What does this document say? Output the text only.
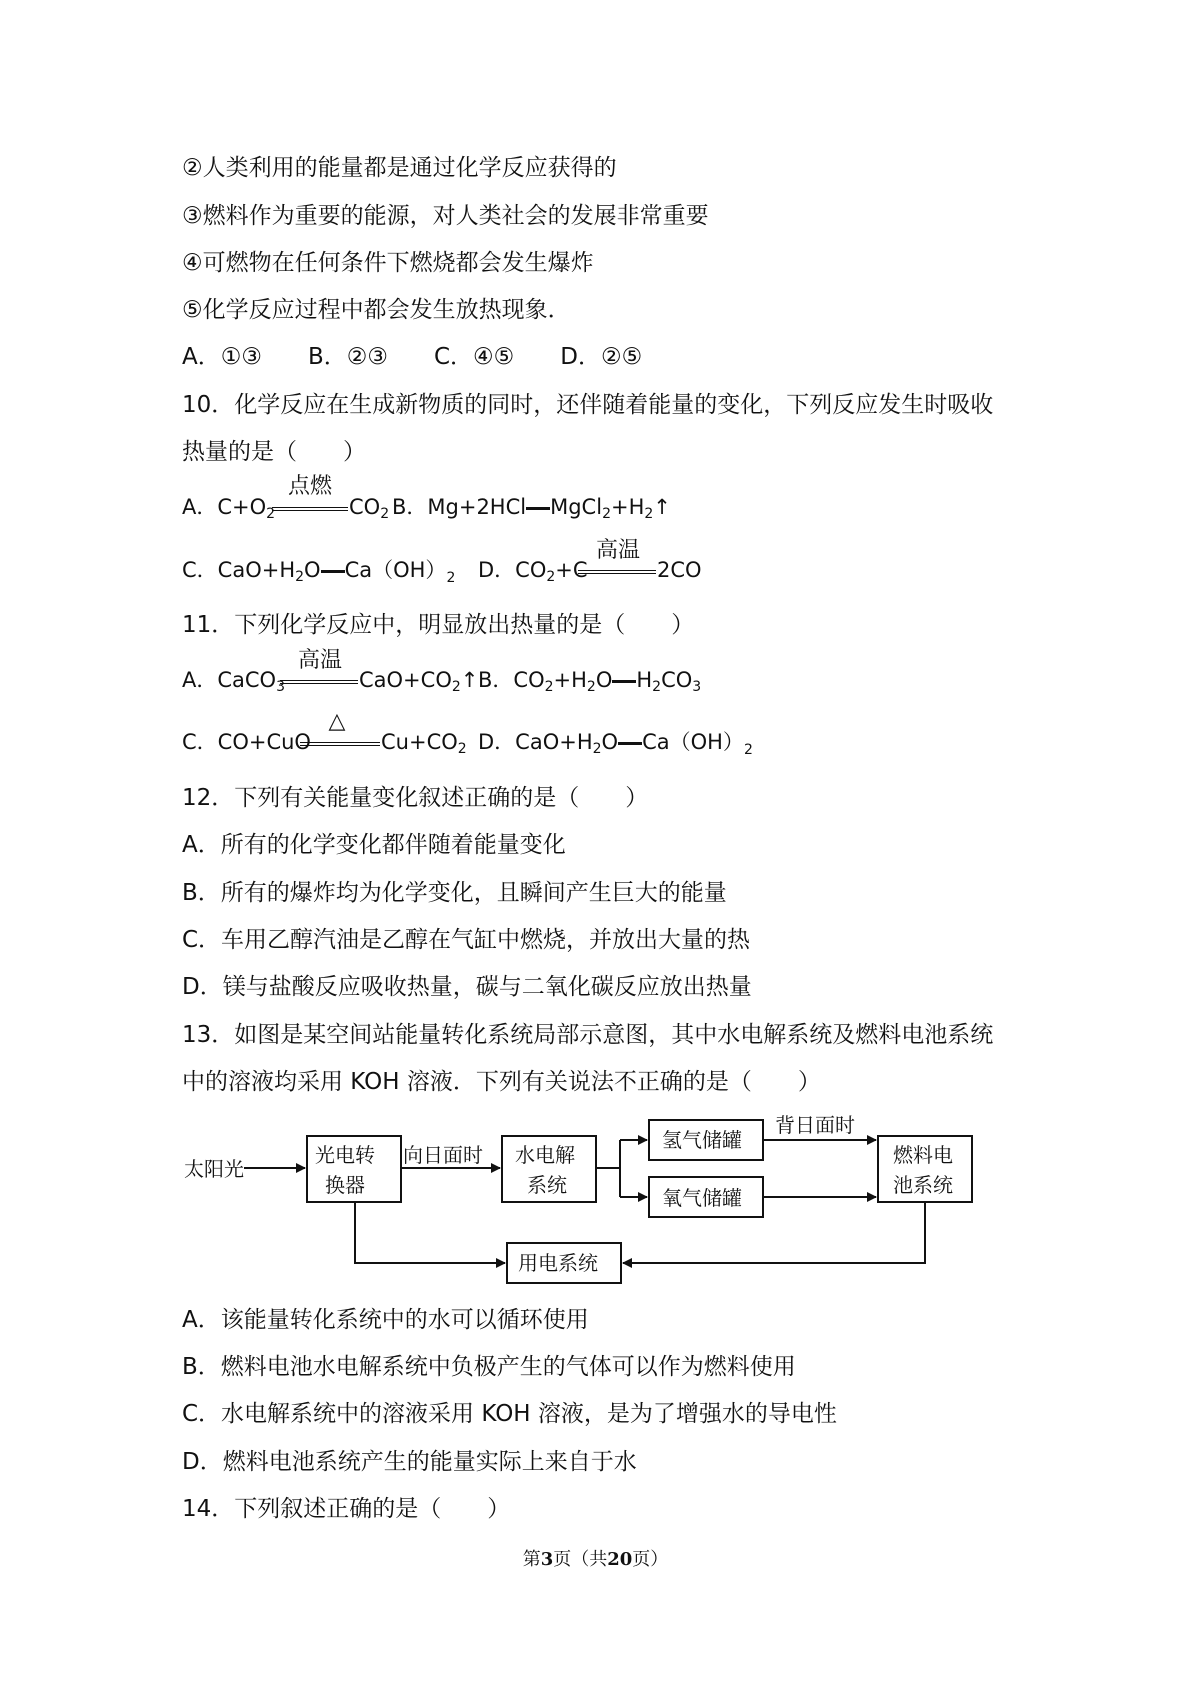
②人类利用的能量都是通过化学反应获得的
③燃料作为重要的能源，对人类社会的发展非常重要
④可燃物在任何条件下燃烧都会发生爆炸
⑤化学反应过程中都会发生放热现象．
A．①③　　B．②③　　C．④⑤　　D．②⑤
10．化学反应在生成新物质的同时，还伴随着能量的变化，下列反应发生时吸收
热量的是（　　）
A．$C+O_2$
点燃
$CO_2$ B．Mg+2HCl $MgCl_2+H_2↑$
C．$CaO+H_2O$ $Ca(OH)_2$ D．$CO_2+C$
高温
2CO
11．下列化学反应中，明显放出热量的是（　　）
A．CaCO$_3$
高温
$CaO+CO_2↑$ B．$CO_2+H_2O$ $H_2CO_3$
C．CO+CuO
△
$Cu+CO_2$ D．$CaO+H_2O$ $Ca(OH)_2$
12．下列有关能量变化叙述正确的是（　　）
A．所有的化学变化都伴随着能量变化
B．所有的爆炸均为化学变化，且瞬间产生巨大的能量
C．车用乙醇汽油是乙醇在气缸中燃烧，并放出大量的热
D．镁与盐酸反应吸收热量，碳与二氧化碳反应放出热量
13．如图是某空间站能量转化系统局部示意图，其中水电解系统及燃料电池系统
中的溶液均采用 KOH 溶液．下列有关说法不正确的是（　　）
太阳光
光电转
换器
向日面时 水电解
系统
氢气储罐
氧气储罐
背日面时
燃料电
池系统
用电系统
A．该能量转化系统中的水可以循环使用
B．燃料电池水电解系统中负极产生的气体可以作为燃料使用
C．水电解系统中的溶液采用 KOH 溶液，是为了增强水的导电性
D．燃料电池系统产生的能量实际上来自于水
14．下列叙述正确的是（　　）
第3页（共20页）
